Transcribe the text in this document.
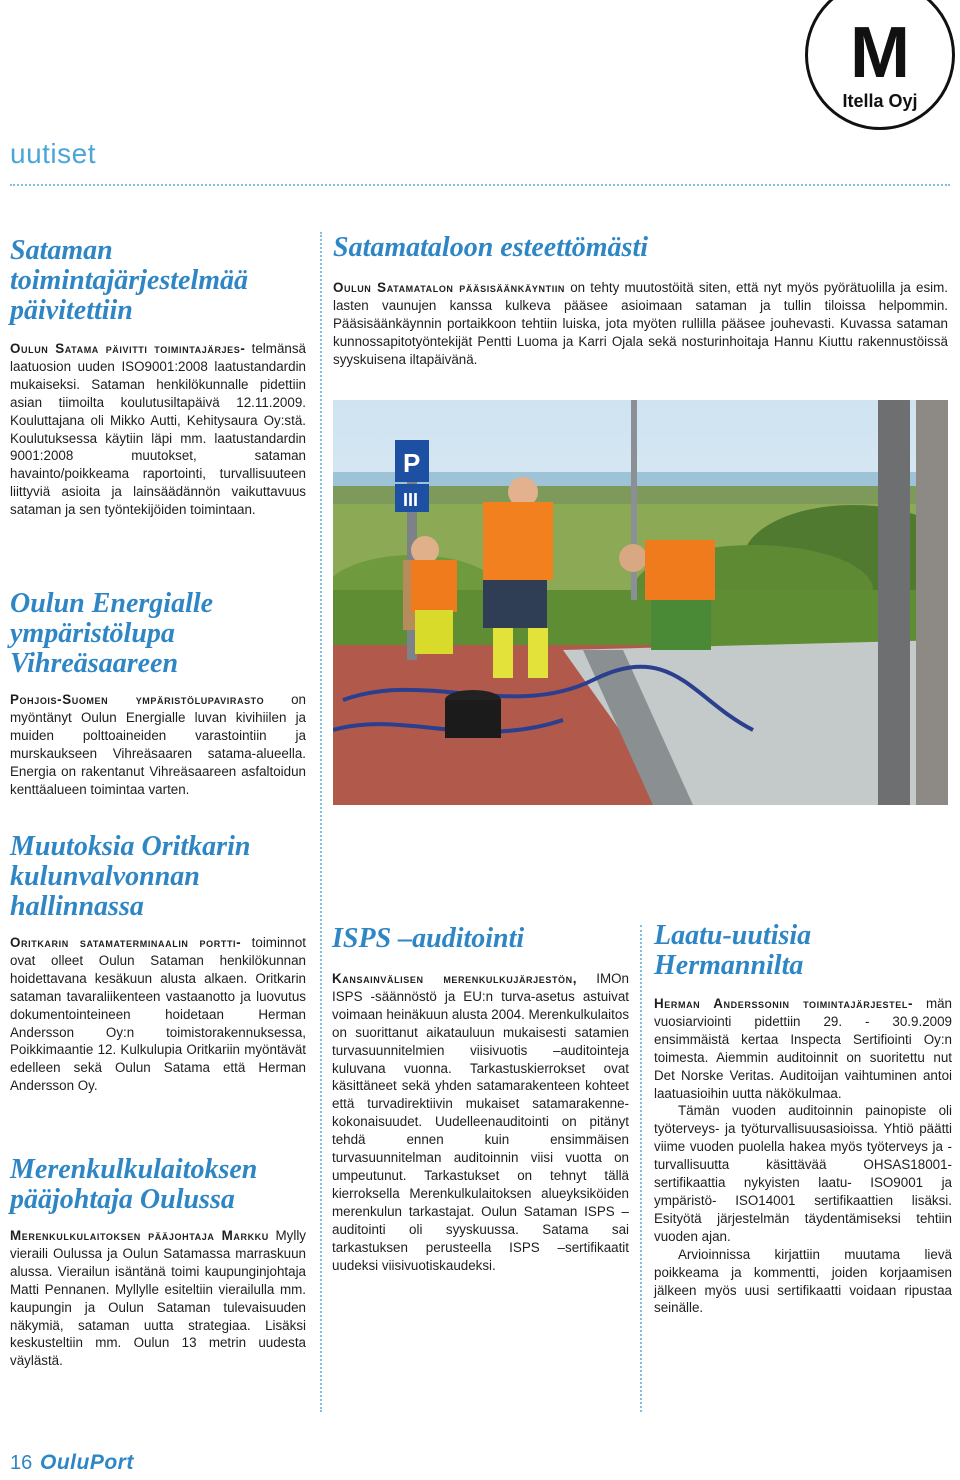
M
Itella Oyj
uutiset
Sataman toimintajärjestelmää päivitettiin

Oulun Satama päivitti toimintajärjes- telmänsä laatuosion uuden ISO9001:2008 laatustandardin mukaiseksi. Sataman henkilökunnalle pidettiin asian tiimoilta koulutusiltapäivä 12.11.2009. Kouluttajana oli Mikko Autti, Kehitysaura Oy:stä. Koulutuksessa käytiin läpi mm. laatustandardin 9001:2008 muutokset, sataman havainto/poikkeama raportointi, turvallisuuteen liittyviä asioita ja lainsäädännön vaikuttavuus sataman ja sen työntekijöiden toimintaan.

Oulun Energialle ympäristölupa Vihreäsaareen

Pohjois-Suomen ympäristölupavirasto on myöntänyt Oulun Energialle luvan kivihiilen ja muiden polttoaineiden varastointiin ja murskaukseen Vihreäsaaren satama-alueella. Energia on rakentanut Vihreäsaareen asfaltoidun kenttäalueen toimintaa varten.

Muutoksia Oritkarin kulunvalvonnan hallinnassa

Oritkarin satamaterminaalin portti- toiminnot ovat olleet Oulun Sataman henkilökunnan hoidettavana kesäkuun alusta alkaen. Oritkarin sataman tavaraliikenteen vastaanotto ja luovutus dokumentointeineen hoidetaan Herman Andersson Oy:n toimistorakennuksessa, Poikkimaantie 12. Kulkulupia Oritkariin myöntävät edelleen sekä Oulun Satama että Herman Andersson Oy.

Merenkulkulaitoksen pääjohtaja Oulussa

Merenkulkulaitoksen pääjohtaja Markku Mylly vieraili Oulussa ja Oulun Satamassa marraskuun alussa. Vierailun isäntänä toimi kaupunginjohtaja Matti Pennanen. Myllylle esiteltiin vierailulla mm. kaupungin ja Oulun Sataman tulevaisuuden näkymiä, sataman uutta strategiaa. Lisäksi keskusteltiin mm. Oulun 13 metrin uudesta väylästä.

Satamataloon esteettömästi

Oulun Satamatalon pääsisäänkäyntiin on tehty muutostöitä siten, että nyt myös pyörätuolilla ja esim. lasten vaunujen kanssa kulkeva pääsee asioimaan sataman ja tullin tiloissa helpommin. Pääsisäänkäynnin portaikkoon tehtiin luiska, jota myöten rullilla pääsee jouhevasti. Kuvassa sataman kunnossapitotyöntekijät Pentti Luoma ja Karri Ojala sekä nosturinhoitaja Hannu Kiuttu rakennustöissä syyskuisena iltapäivänä.

P
III
ISPS –auditointi

Kansainvälisen merenkulkujärjestön, IMOn ISPS -säännöstö ja EU:n turva-asetus astuivat voimaan heinäkuun alusta 2004. Merenkulkulaitos on suorittanut aikatauluun mukaisesti satamien turvasuunnitelmien viisivuotis –auditointeja kuluvana vuonna. Tarkastuskierrokset ovat käsittäneet sekä yhden satamarakenteen kohteet että turvadirektiivin mukaiset satamarakenne-kokonaisuudet. Uudelleenauditointi on pitänyt tehdä ennen kuin ensimmäisen turvasuunnitelman auditoinnin viisi vuotta on umpeutunut. Tarkastukset on tehnyt tällä kierroksella Merenkulkulaitoksen alueyksiköiden merenkulun tarkastajat. Oulun Sataman ISPS –auditointi oli syyskuussa. Satama sai tarkastuksen perusteella ISPS –sertifikaatit uudeksi viisivuotiskaudeksi.

Laatu-uutisia Hermannilta

Herman Anderssonin toimintajärjestel- män vuosiarviointi pidettiin 29. - 30.9.2009 ensimmäistä kertaa Inspecta Sertifiointi Oy:n toimesta. Aiemmin auditoinnit on suoritettu nut Det Norske Veritas. Auditoijan vaihtuminen antoi laatuasioihin uutta näkökulmaa.

Tämän vuoden auditoinnin painopiste oli työterveys- ja työturvallisuusasioissa. Yhtiö päätti viime vuoden puolella hakea myös työterveys ja -turvallisuutta käsittävää OHSAS18001-sertifikaattia nykyisten laatu- ISO9001 ja ympäristö- ISO14001 sertifikaattien lisäksi. Esityötä järjestelmän täydentämiseksi tehtiin vuoden ajan.

Arvioinnissa kirjattiin muutama lievä poikkeama ja kommentti, joiden korjaamisen jälkeen myös uusi sertifikaatti voidaan ripustaa seinälle.

16 OuluPort
